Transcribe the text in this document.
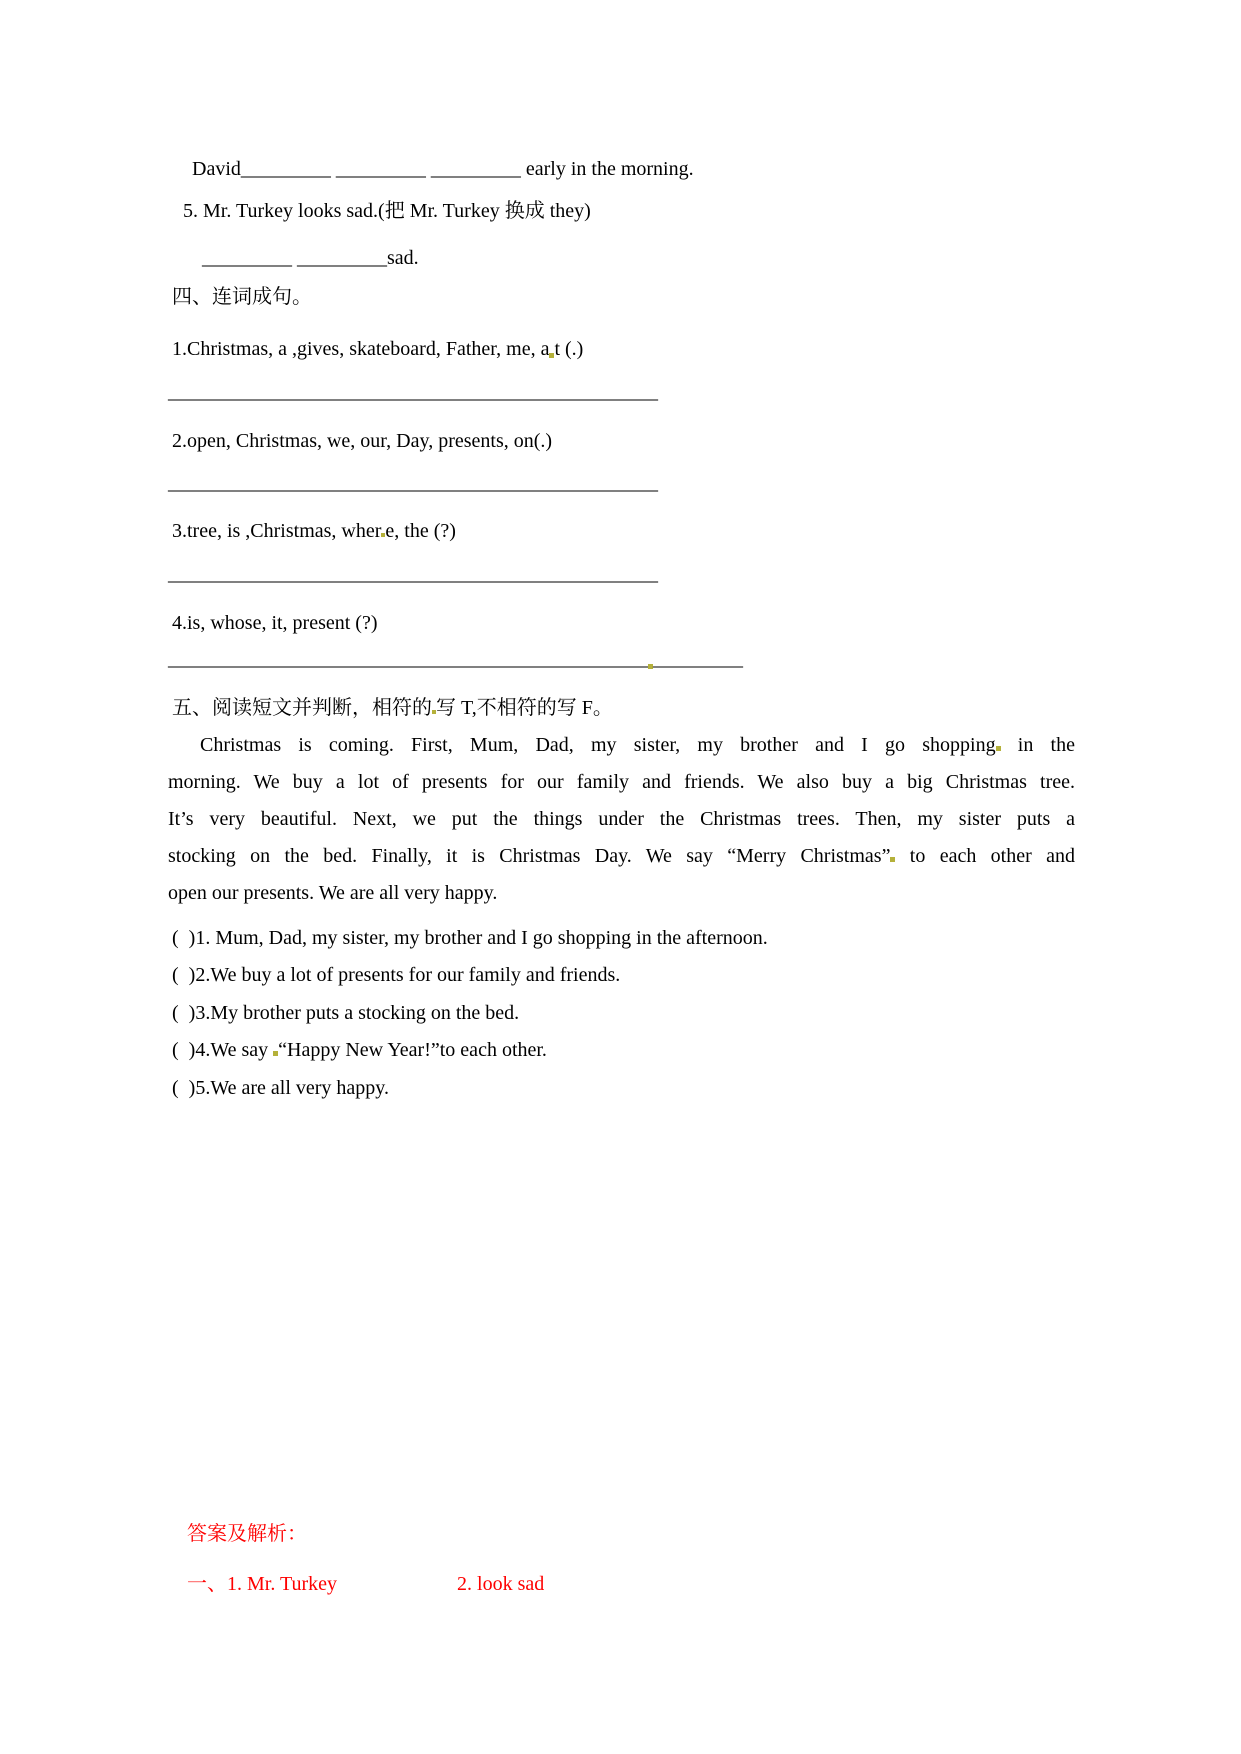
David_________ _________ _________ early in the morning.
5. Mr. Turkey looks sad.(把 Mr. Turkey 换成 they)
_________ _________sad.
四、连词成句。
1.Christmas, a ,gives, skateboard, Father, me, a t (.)
_________________________________________________
2.open, Christmas, we, our, Day, presents, on(.)
_________________________________________________
3.tree, is ,Christmas, wher e, the (?)
_________________________________________________
4.is, whose, it, present (?)
________________________________________________ _________
五、阅读短文并判断，相符的 写 T,不相符的写 F。
Christmas is coming. First, Mum, Dad, my sister, my brother and I go shopping in the
morning. We buy a lot of presents for our family and friends. We also buy a big Christmas tree.
It’s very beautiful. Next, we put the things under the Christmas trees. Then, my sister puts a
stocking on the bed. Finally, it is Christmas Day. We say “Merry Christmas” to each other and
open our presents. We are all very happy.
(  )1. Mum, Dad, my sister, my brother and I go shopping in the afternoon.
(  )2.We buy a lot of presents for our family and friends.
(  )3.My brother puts a stocking on the bed.
(  )4.We say “Happy New Year!”to each other.
(  )5.We are all very happy.
答案及解析：
一、1. Mr. Turkey	2. look sad
